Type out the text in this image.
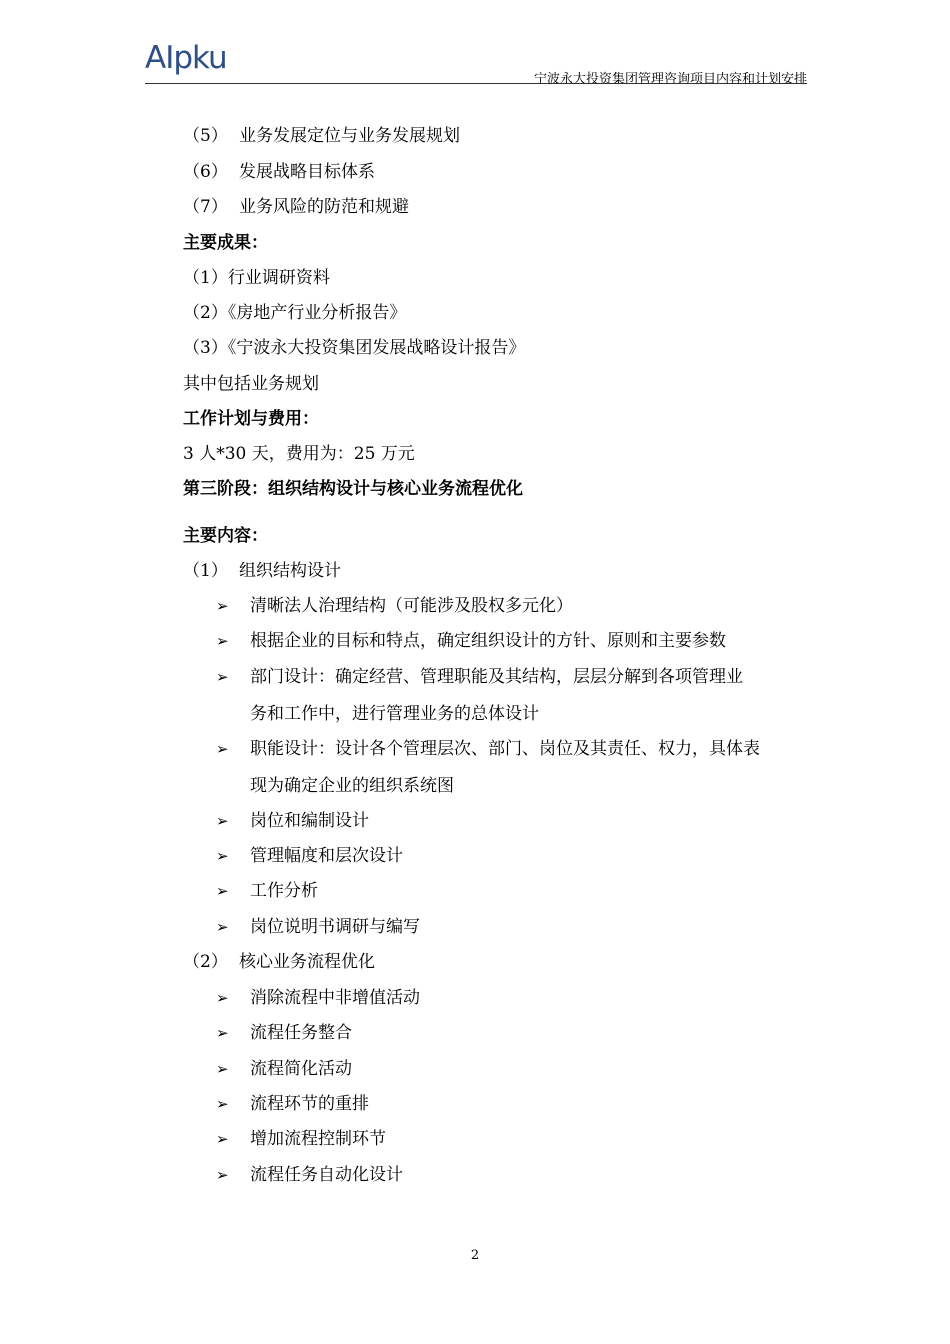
AIpku
宁波永大投资集团管理咨询项目内容和计划安排
（5） 业务发展定位与业务发展规划
（6） 发展战略目标体系
（7） 业务风险的防范和规避
主要成果：
（1）行业调研资料
（2）《房地产行业分析报告》
（3）《宁波永大投资集团发展战略设计报告》
其中包括业务规划
工作计划与费用：
3 人*30 天，费用为：25 万元
第三阶段：组织结构设计与核心业务流程优化
主要内容：
（1） 组织结构设计
➢ 清晰法人治理结构（可能涉及股权多元化）
➢ 根据企业的目标和特点，确定组织设计的方针、原则和主要参数
➢ 部门设计：确定经营、管理职能及其结构，层层分解到各项管理业
务和工作中，进行管理业务的总体设计
➢ 职能设计：设计各个管理层次、部门、岗位及其责任、权力，具体表
现为确定企业的组织系统图
➢ 岗位和编制设计
➢ 管理幅度和层次设计
➢ 工作分析
➢ 岗位说明书调研与编写
（2） 核心业务流程优化
➢ 消除流程中非增值活动
➢ 流程任务整合
➢ 流程简化活动
➢ 流程环节的重排
➢ 增加流程控制环节
➢ 流程任务自动化设计
2
